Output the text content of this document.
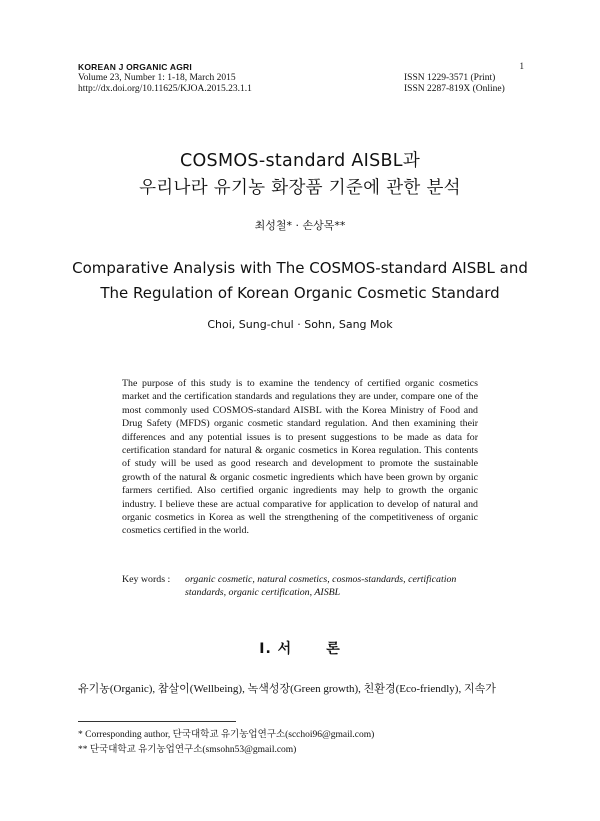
KOREAN J ORGANIC AGRI
Volume 23, Number 1: 1-18, March 2015
http://dx.doi.org/10.11625/KJOA.2015.23.1.1
1
ISSN 1229-3571 (Print)
ISSN 2287-819X (Online)
COSMOS-standard AISBL과
우리나라 유기농 화장품 기준에 관한 분석
최성철* · 손상목**
Comparative Analysis with The COSMOS-standard AISBL and
The Regulation of Korean Organic Cosmetic Standard
Choi, Sung-chul · Sohn, Sang Mok
The purpose of this study is to examine the tendency of certified organic cosmetics market and the certification standards and regulations they are under, compare one of the most commonly used COSMOS-standard AISBL with the Korea Ministry of Food and Drug Safety (MFDS) organic cosmetic standard regulation. And then examining their differences and any potential issues is to present suggestions to be made as data for certification standard for natural & organic cosmetics in Korea regulation. This contents of study will be used as good research and development to promote the sustainable growth of the natural & organic cosmetic ingredients which have been grown by organic farmers certified. Also certified organic ingredients may help to growth the organic industry. I believe these are actual comparative for application to develop of natural and organic cosmetics in Korea as well the strengthening of the competitiveness of organic cosmetics certified in the world.
Key words :	organic cosmetic, natural cosmetics, cosmos-standards, certification standards, organic certification, AISBL
Ⅰ. 서 론
유기농(Organic), 참살이(Wellbeing), 녹색성장(Green growth), 친환경(Eco-friendly), 지속가
* Corresponding author, 단국대학교 유기농업연구소(scchoi96@gmail.com)
** 단국대학교 유기농업연구소(smsohn53@gmail.com)
